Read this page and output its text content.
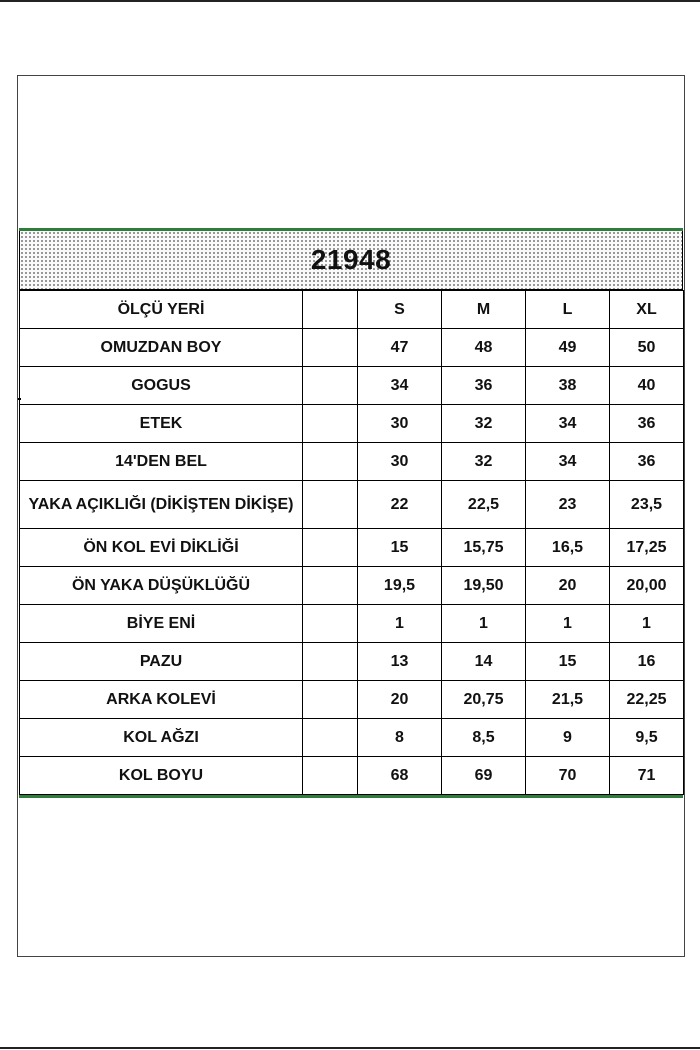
21948
ÖLÇÜ YERİ		S	M	L	XL
OMUZDAN BOY		47	48	49	50
GOGUS		34	36	38	40
ETEK		30	32	34	36
14'DEN BEL		30	32	34	36
YAKA AÇIKLIĞI (DİKİŞTEN DİKİŞE)		22	22,5	23	23,5
ÖN KOL EVİ DİKLİĞİ		15	15,75	16,5	17,25
ÖN YAKA DÜŞÜKLÜĞÜ		19,5	19,50	20	20,00
BİYE ENİ		1	1	1	1
PAZU		13	14	15	16
ARKA KOLEVİ		20	20,75	21,5	22,25
KOL AĞZI		8	8,5	9	9,5
KOL BOYU		68	69	70	71
